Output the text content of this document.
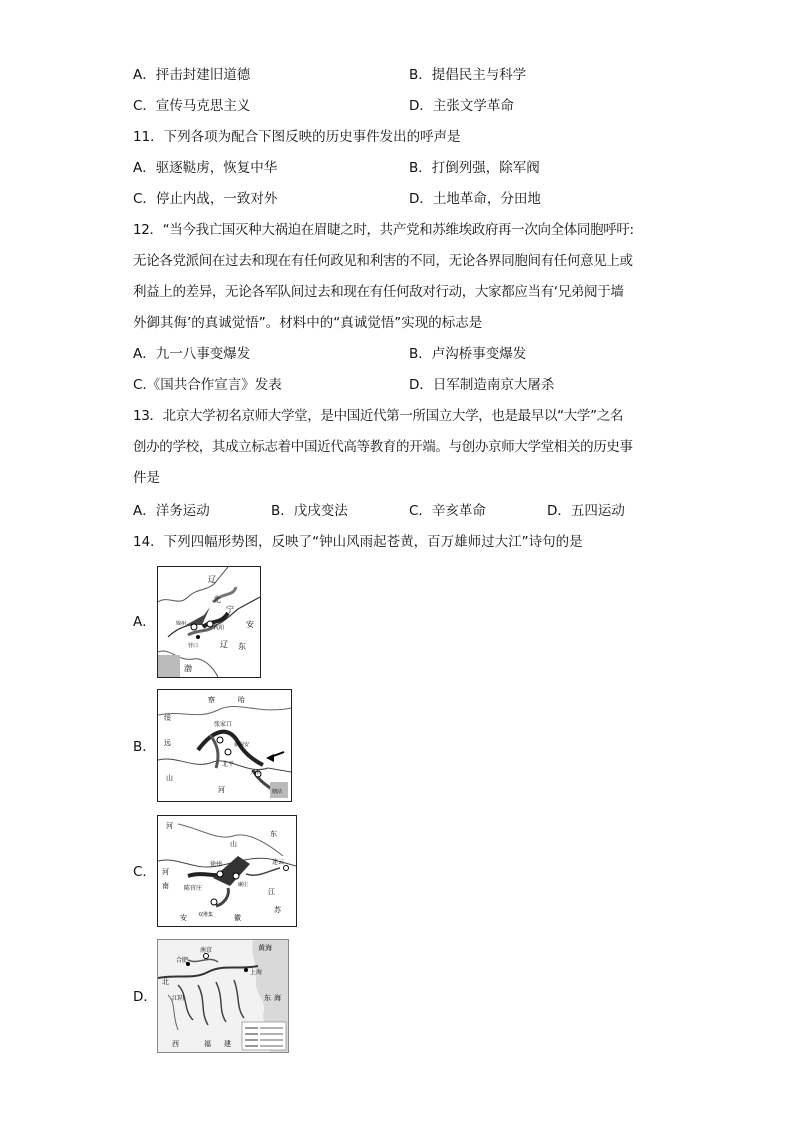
A．抨击封建旧道德	B．提倡民主与科学
C．宣传马克思主义	D．主张文学革命
11．下列各项为配合下图反映的历史事件发出的呼声是
A．驱逐鞑虏，恢复中华	B．打倒列强，除军阀
C．停止内战，一致对外	D．土地革命，分田地
12．“当今我亡国灭种大祸迫在眉睫之时，共产党和苏维埃政府再一次向全体同胞呼吁:
无论各党派间在过去和现在有任何政见和利害的不同，无论各界同胞间有任何意见上或
利益上的差异，无论各军队间过去和现在有任何敌对行动，大家都应当有‘兄弟阋于墙
外御其侮’的真诚觉悟”。材料中的“真诚觉悟”实现的标志是
A．九一八事变爆发	B．卢沟桥事变爆发
C.《国共合作宣言》发表	D．日军制造南京大屠杀
13．北京大学初名京师大学堂，是中国近代第一所国立大学，也是最早以“大学”之名
创办的学校，其成立标志着中国近代高等教育的开端。与创办京师大学堂相关的历史事
件是
A．洋务运动	B．戊戌变法	C．辛亥革命	D．五四运动
14．下列四幅形势图，反映了“钟山风雨起苍黄，百万雄师过大江”诗句的是
A．
辽
北
宁
安
东
锦州
沈阳
营口	辽
渤
B．
察	哈
绥
远
张家口
新保安
北平
天津
塘沽
山
河
C．
河
山
东
徐州
碾庄
连云
陈官庄
双堆集
河
南
江
苏
安	徽
D．
黄海
合肥
南京
上海
北
江阴	东 海
西	福 建
